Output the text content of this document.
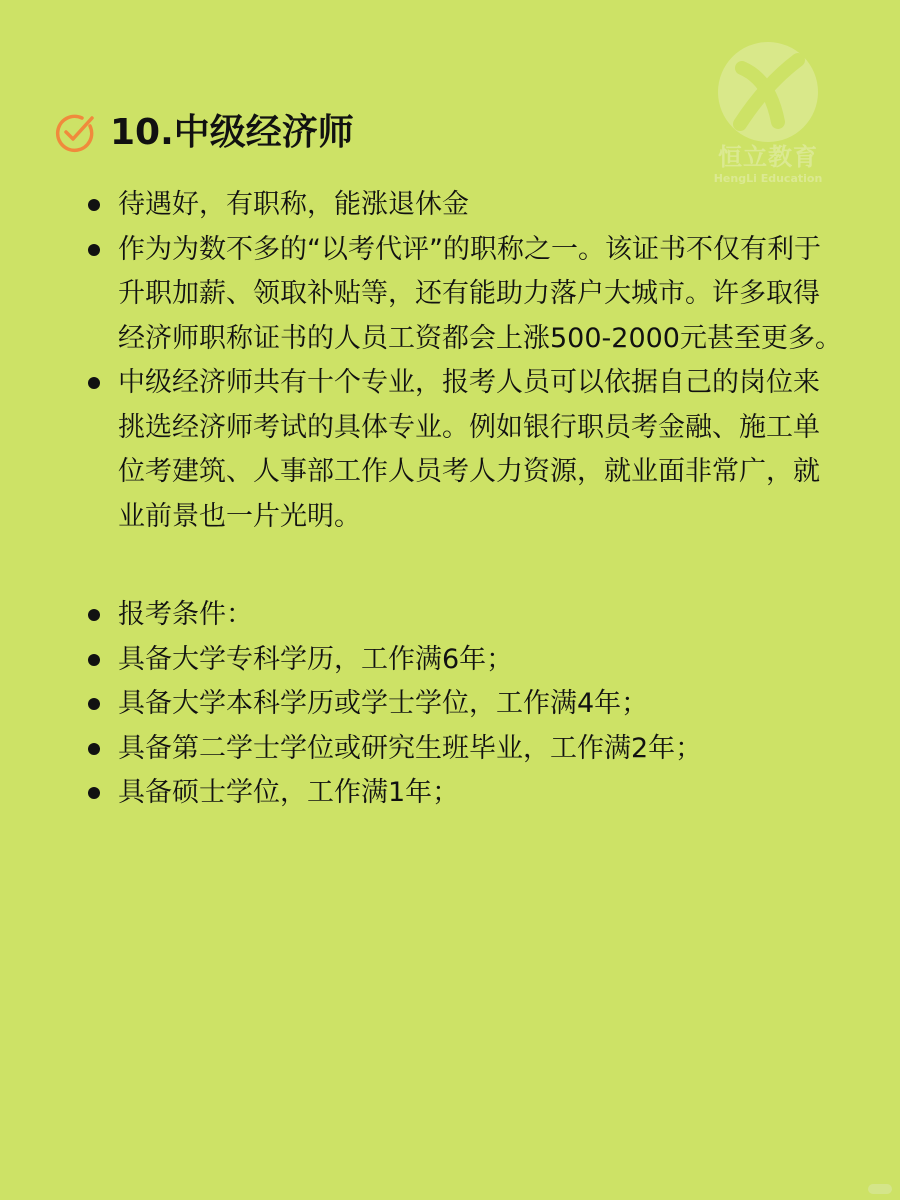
恒立教育
HengLi Education
10.中级经济师
待遇好，有职称，能涨退休金
作为为数不多的“以考代评”的职称之一。该证书不仅有利于升职加薪、领取补贴等，还有能助力落户大城市。许多取得经济师职称证书的人员工资都会上涨500-2000元甚至更多。
中级经济师共有十个专业，报考人员可以依据自己的岗位来挑选经济师考试的具体专业。例如银行职员考金融、施工单位考建筑、人事部工作人员考人力资源，就业面非常广，就业前景也一片光明。
报考条件：
具备大学专科学历，工作满6年；
具备大学本科学历或学士学位，工作满4年；
具备第二学士学位或研究生班毕业，工作满2年；
具备硕士学位，工作满1年；
